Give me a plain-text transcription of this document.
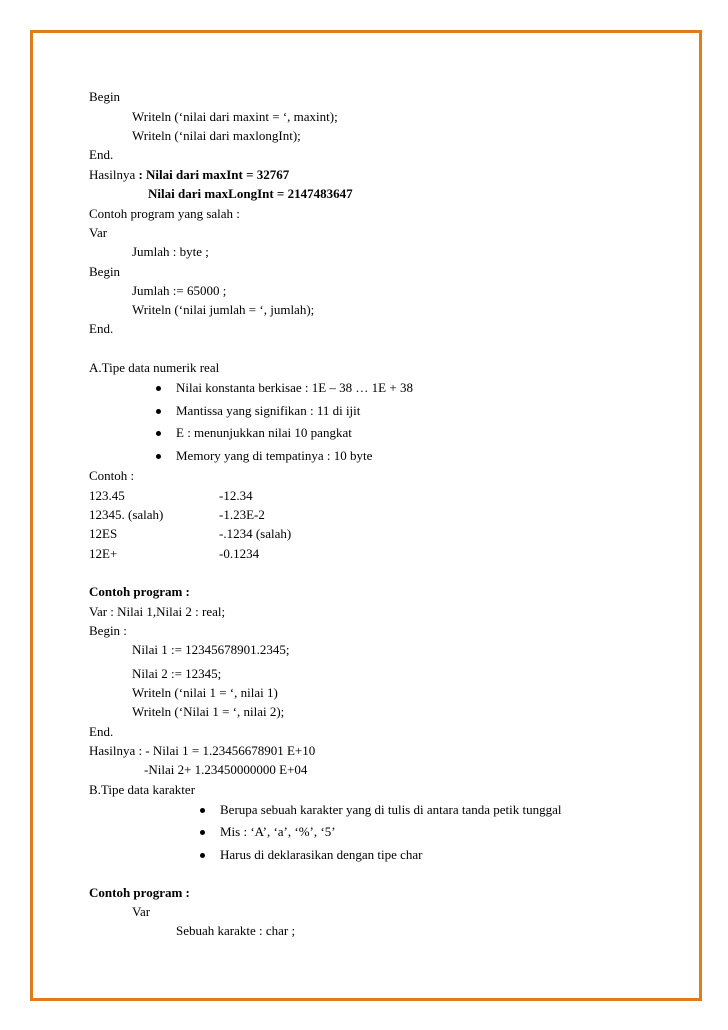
Begin
Writeln (‘nilai dari maxint = ‘, maxint);
Writeln (‘nilai dari maxlongInt);
End.
Hasilnya : Nilai dari maxInt = 32767
Nilai dari maxLongInt = 2147483647
Contoh program yang salah :
Var
Jumlah : byte ;
Begin
Jumlah := 65000 ;
Writeln (‘nilai jumlah = ‘, jumlah);
End.
A.Tipe data numerik real
Nilai konstanta berkisae : 1E – 38 … 1E + 38
Mantissa yang signifikan : 11 di ijit
E : menunjukkan nilai 10 pangkat
Memory yang di tempatinya : 10 byte
Contoh :
123.45	-12.34
12345. (salah)	-1.23E-2
12ES	-.1234 (salah)
12E+	-0.1234
Contoh program :
Var : Nilai 1,Nilai 2 : real;
Begin :
Nilai 1 := 12345678901.2345;
Nilai 2 := 12345;
Writeln (‘nilai 1 = ‘, nilai 1)
Writeln (‘Nilai 1 = ‘, nilai 2);
End.
Hasilnya : - Nilai 1 = 1.23456678901 E+10
-Nilai 2+ 1.23450000000 E+04
B.Tipe data karakter
Berupa sebuah karakter yang di tulis di antara tanda petik tunggal
Mis : ‘A’, ‘a’, ‘%’, ‘5’
Harus di deklarasikan dengan tipe char
Contoh program :
Var
Sebuah karakte : char ;
